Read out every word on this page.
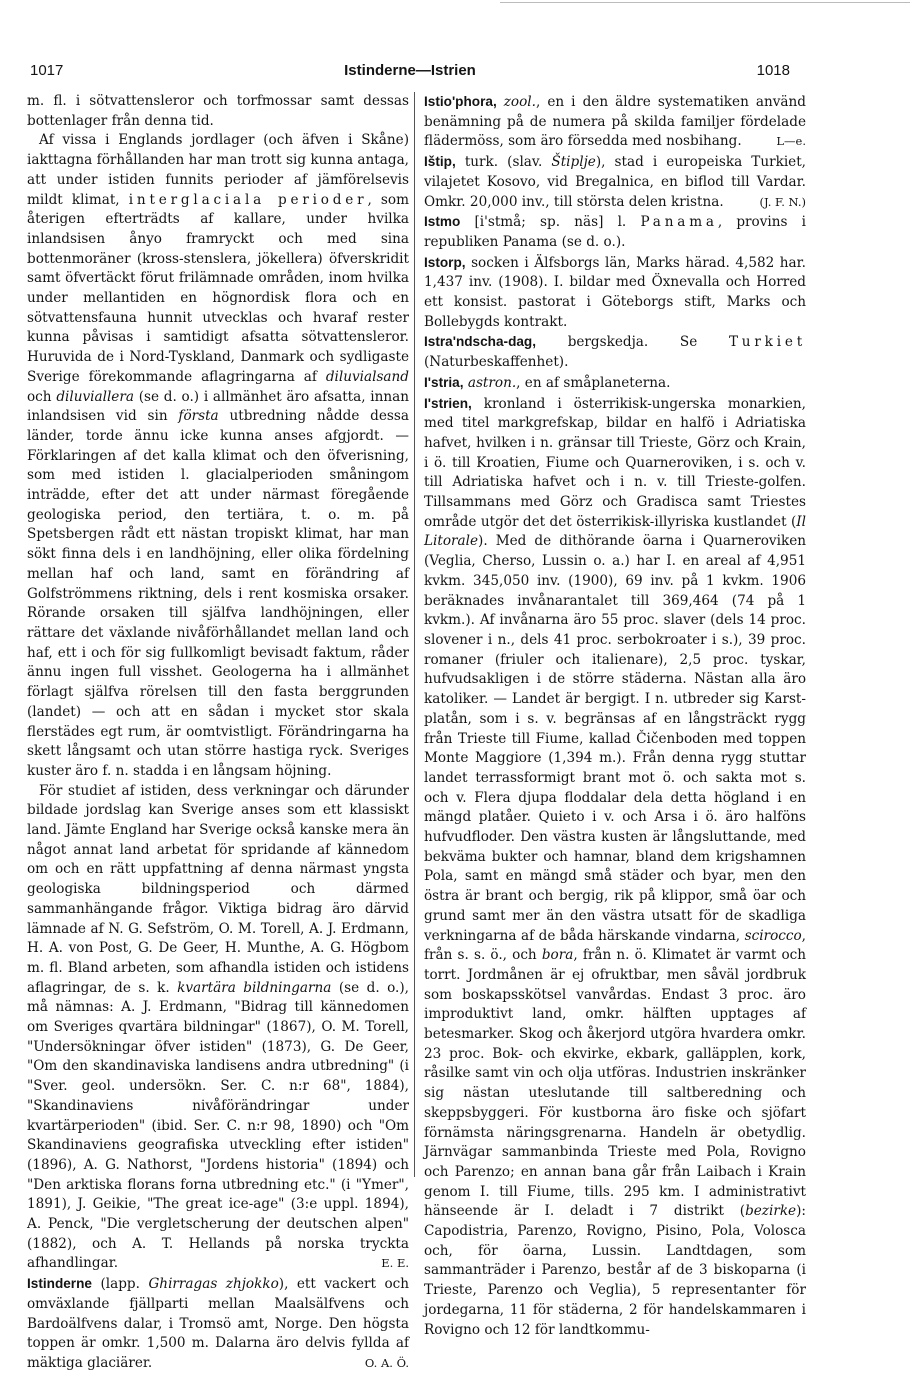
1017	Istinderne—Istrien	1018

m. fl. i sötvattensleror och torfmossar samt dessas bottenlager från denna tid.

Af vissa i Englands jordlager (och äfven i Skåne) iakttagna förhållanden har man trott sig kunna antaga, att under istiden funnits perioder af jämförelsevis mildt klimat, interglaciala perioder, som återigen efterträdts af kallare, under hvilka inlandsisen ånyo framryckt och med sina bottenmoräner (kross-stenslera, jökellera) öfverskridit samt öfvertäckt förut frilämnade områden, inom hvilka under mellantiden en högnordisk flora och en sötvattensfauna hunnit utvecklas och hvaraf rester kunna påvisas i samtidigt afsatta sötvattensleror. Huruvida de i Nord-Tyskland, Danmark och sydligaste Sverige förekommande aflagringarna af diluvialsand och diluviallera (se d. o.) i allmänhet äro afsatta, innan inlandsisen vid sin första utbredning nådde dessa länder, torde ännu icke kunna anses afgjordt. — Förklaringen af det kalla klimat och den öfverisning, som med istiden l. glacialperioden småningom inträdde, efter det att under närmast föregående geologiska period, den tertiära, t. o. m. på Spetsbergen rådt ett nästan tropiskt klimat, har man sökt finna dels i en landhöjning, eller olika fördelning mellan haf och land, samt en förändring af Golfströmmens riktning, dels i rent kosmiska orsaker. Rörande orsaken till själfva landhöjningen, eller rättare det växlande nivåförhållandet mellan land och haf, ett i och för sig fullkomligt bevisadt faktum, råder ännu ingen full visshet. Geologerna ha i allmänhet förlagt själfva rörelsen till den fasta berggrunden (landet) — och att en sådan i mycket stor skala flerstädes egt rum, är oomtvistligt. Förändringarna ha skett långsamt och utan större hastiga ryck. Sveriges kuster äro f. n. stadda i en långsam höjning.

För studiet af istiden, dess verkningar och därunder bildade jordslag kan Sverige anses som ett klassiskt land. Jämte England har Sverige också kanske mera än något annat land arbetat för spridande af kännedom om och en rätt uppfattning af denna närmast yngsta geologiska bildningsperiod och därmed sammanhängande frågor. Viktiga bidrag äro därvid lämnade af N. G. Sefström, O. M. Torell, A. J. Erdmann, H. A. von Post, G. De Geer, H. Munthe, A. G. Högbom m. fl. Bland arbeten, som afhandla istiden och istidens aflagringar, de s. k. kvartära bildningarna (se d. o.), må nämnas: A. J. Erdmann, "Bidrag till kännedomen om Sveriges qvartära bildningar" (1867), O. M. Torell, "Undersökningar öfver istiden" (1873), G. De Geer, "Om den skandinaviska landisens andra utbredning" (i "Sver. geol. undersökn. Ser. C. n:r 68", 1884), "Skandinaviens nivåförändringar under kvartärperioden" (ibid. Ser. C. n:r 98, 1890) och "Om Skandinaviens geografiska utveckling efter istiden" (1896), A. G. Nathorst, "Jordens historia" (1894) och "Den arktiska florans forna utbredning etc." (i "Ymer", 1891), J. Geikie, "The great ice-age" (3:e uppl. 1894), A. Penck, "Die vergletscherung der deutschen alpen" (1882), och A. T. Hellands på norska tryckta afhandlingar.	E. E.

Istinderne (lapp. Ghirragas zhjokko), ett vackert och omväxlande fjällparti mellan Maalsälfvens och Bardoälfvens dalar, i Tromsö amt, Norge. Den högsta toppen är omkr. 1,500 m. Dalarna äro delvis fyllda af mäktiga glaciärer.	O. A. Ö.

Istio'phora, zool., en i den äldre systematiken använd benämning på de numera på skilda familjer fördelade flädermöss, som äro försedda med nosbihang.	L—e.

Ištip, turk. (slav. Štiplje), stad i europeiska Turkiet, vilajetet Kosovo, vid Bregalnica, en biflod till Vardar. Omkr. 20,000 inv., till största delen kristna.	(J. F. N.)

Istmo [i'stmå; sp. näs] l. Panama, provins i republiken Panama (se d. o.).

Istorp, socken i Älfsborgs län, Marks härad. 4,582 har. 1,437 inv. (1908). I. bildar med Öxnevalla och Horred ett konsist. pastorat i Göteborgs stift, Marks och Bollebygds kontrakt.

Istra'ndscha-dag, bergskedja. Se Turkiet (Naturbeskaffenhet).

I'stria, astron., en af småplaneterna.

I'strien, kronland i österrikisk-ungerska monarkien, med titel markgrefskap, bildar en halfö i Adriatiska hafvet, hvilken i n. gränsar till Trieste, Görz och Krain, i ö. till Kroatien, Fiume och Quarneroviken, i s. och v. till Adriatiska hafvet och i n. v. till Trieste-golfen. Tillsammans med Görz och Gradisca samt Triestes område utgör det det österrikisk-illyriska kustlandet (Il Litorale). Med de dithörande öarna i Quarneroviken (Veglia, Cherso, Lussin o. a.) har I. en areal af 4,951 kvkm. 345,050 inv. (1900), 69 inv. på 1 kvkm. 1906 beräknades invånarantalet till 369,464 (74 på 1 kvkm.). Af invånarna äro 55 proc. slaver (dels 14 proc. slovener i n., dels 41 proc. serbokroater i s.), 39 proc. romaner (friuler och italienare), 2,5 proc. tyskar, hufvudsakligen i de större städerna. Nästan alla äro katoliker. — Landet är bergigt. I n. utbreder sig Karst-platån, som i s. v. begränsas af en långsträckt rygg från Trieste till Fiume, kallad Čičenboden med toppen Monte Maggiore (1,394 m.). Från denna rygg stuttar landet terrassformigt brant mot ö. och sakta mot s. och v. Flera djupa floddalar dela detta högland i en mängd platåer. Quieto i v. och Arsa i ö. äro halföns hufvudfloder. Den västra kusten är långsluttande, med bekväma bukter och hamnar, bland dem krigshamnen Pola, samt en mängd små städer och byar, men den östra är brant och bergig, rik på klippor, små öar och grund samt mer än den västra utsatt för de skadliga verkningarna af de båda härskande vindarna, scirocco, från s. s. ö., och bora, från n. ö. Klimatet är varmt och torrt. Jordmånen är ej ofruktbar, men såväl jordbruk som boskapsskötsel vanvårdas. Endast 3 proc. äro improduktivt land, omkr. hälften upptages af betesmarker. Skog och åkerjord utgöra hvardera omkr. 23 proc. Bok- och ekvirke, ekbark, galläpplen, kork, råsilke samt vin och olja utföras. Industrien inskränker sig nästan uteslutande till saltberedning och skeppsbyggeri. För kustborna äro fiske och sjöfart förnämsta näringsgrenarna. Handeln är obetydlig. Järnvägar sammanbinda Trieste med Pola, Rovigno och Parenzo; en annan bana går från Laibach i Krain genom I. till Fiume, tills. 295 km. I administrativt hänseende är I. deladt i 7 distrikt (bezirke): Capodistria, Parenzo, Rovigno, Pisino, Pola, Volosca och, för öarna, Lussin. Landtdagen, som sammanträder i Parenzo, består af de 3 biskoparna (i Trieste, Parenzo och Veglia), 5 representanter för jordegarna, 11 för städerna, 2 för handelskammaren i Rovigno och 12 för landtkommu-
